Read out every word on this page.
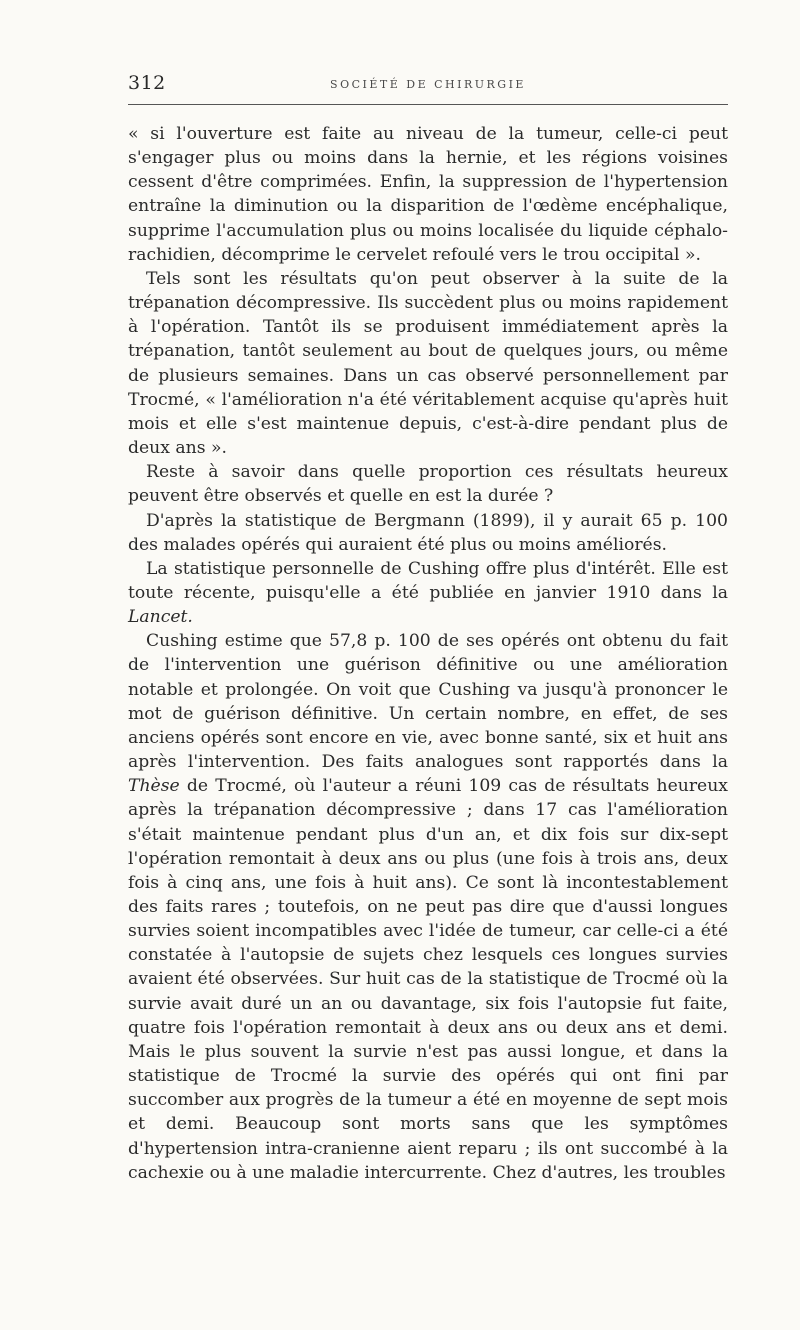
312	SOCIÉTÉ DE CHIRURGIE

« si l'ouverture est faite au niveau de la tumeur, celle-ci peut s'engager plus ou moins dans la hernie, et les régions voisines cessent d'être comprimées. Enfin, la suppression de l'hypertension entraîne la diminution ou la disparition de l'œdème encéphalique, supprime l'accumulation plus ou moins localisée du liquide céphalo-rachidien, décomprime le cervelet refoulé vers le trou occipital ».

Tels sont les résultats qu'on peut observer à la suite de la trépanation décompressive. Ils succèdent plus ou moins rapidement à l'opération. Tantôt ils se produisent immédiatement après la trépanation, tantôt seulement au bout de quelques jours, ou même de plusieurs semaines. Dans un cas observé personnellement par Trocmé, « l'amélioration n'a été véritablement acquise qu'après huit mois et elle s'est maintenue depuis, c'est-à-dire pendant plus de deux ans ».

Reste à savoir dans quelle proportion ces résultats heureux peuvent être observés et quelle en est la durée ?

D'après la statistique de Bergmann (1899), il y aurait 65 p. 100 des malades opérés qui auraient été plus ou moins améliorés.

La statistique personnelle de Cushing offre plus d'intérêt. Elle est toute récente, puisqu'elle a été publiée en janvier 1910 dans la Lancet.

Cushing estime que 57,8 p. 100 de ses opérés ont obtenu du fait de l'intervention une guérison définitive ou une amélioration notable et prolongée. On voit que Cushing va jusqu'à prononcer le mot de guérison définitive. Un certain nombre, en effet, de ses anciens opérés sont encore en vie, avec bonne santé, six et huit ans après l'intervention. Des faits analogues sont rapportés dans la Thèse de Trocmé, où l'auteur a réuni 109 cas de résultats heureux après la trépanation décompressive ; dans 17 cas l'amélioration s'était maintenue pendant plus d'un an, et dix fois sur dix-sept l'opération remontait à deux ans ou plus (une fois à trois ans, deux fois à cinq ans, une fois à huit ans). Ce sont là incontestablement des faits rares ; toutefois, on ne peut pas dire que d'aussi longues survies soient incompatibles avec l'idée de tumeur, car celle-ci a été constatée à l'autopsie de sujets chez lesquels ces longues survies avaient été observées. Sur huit cas de la statistique de Trocmé où la survie avait duré un an ou davantage, six fois l'autopsie fut faite, quatre fois l'opération remontait à deux ans ou deux ans et demi. Mais le plus souvent la survie n'est pas aussi longue, et dans la statistique de Trocmé la survie des opérés qui ont fini par succomber aux progrès de la tumeur a été en moyenne de sept mois et demi. Beaucoup sont morts sans que les symptômes d'hypertension intra-cranienne aient reparu ; ils ont succombé à la cachexie ou à une maladie intercurrente. Chez d'autres, les troubles
